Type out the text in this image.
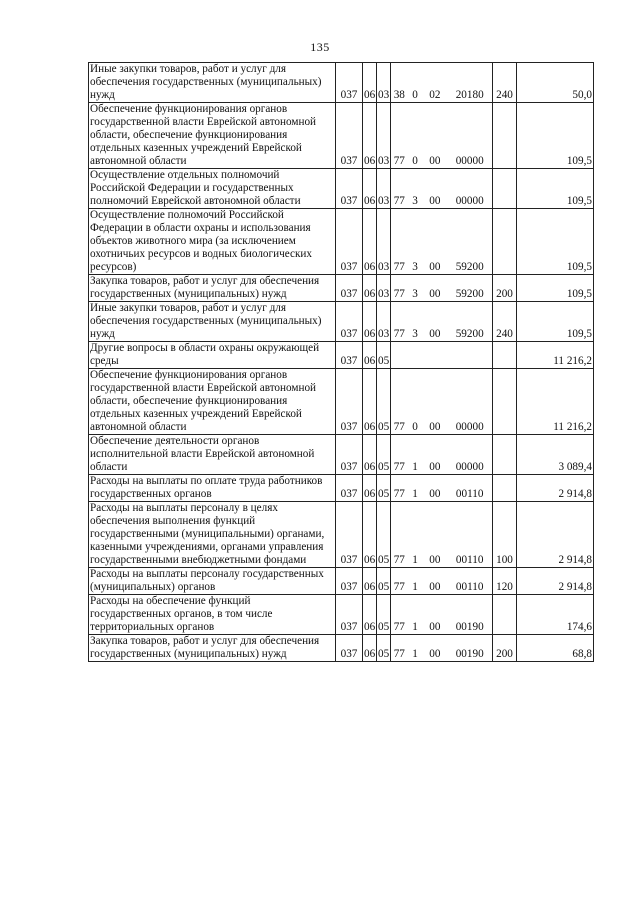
135
Иные закупки товаров, работ и услуг для обеспечения государственных (муниципальных) нужд	037	06	03	38 0 02 20180	240	50,0
Обеспечение функционирования органов государственной власти Еврейской автономной области, обеспечение функционирования отдельных казенных учреждений Еврейской автономной области	037	06	03	77 0 00 00000		109,5
Осуществление отдельных полномочий Российской Федерации и государственных полномочий Еврейской автономной области	037	06	03	77 3 00 00000		109,5
Осуществление полномочий Российской Федерации в области охраны и использования объектов животного мира (за исключением охотничьих ресурсов и водных биологических ресурсов)	037	06	03	77 3 00 59200		109,5
Закупка товаров, работ и услуг для обеспечения государственных (муниципальных) нужд	037	06	03	77 3 00 59200	200	109,5
Иные закупки товаров, работ и услуг для обеспечения государственных (муниципальных) нужд	037	06	03	77 3 00 59200	240	109,5
Другие вопросы в области охраны окружающей среды	037	06	05			11 216,2
Обеспечение функционирования органов государственной власти Еврейской автономной области, обеспечение функционирования отдельных казенных учреждений Еврейской автономной области	037	06	05	77 0 00 00000		11 216,2
Обеспечение деятельности органов исполнительной власти Еврейской автономной области	037	06	05	77 1 00 00000		3 089,4
Расходы на выплаты по оплате труда работников государственных органов	037	06	05	77 1 00 00110		2 914,8
Расходы на выплаты персоналу в целях обеспечения выполнения функций государственными (муниципальными) органами, казенными учреждениями, органами управления государственными внебюджетными фондами	037	06	05	77 1 00 00110	100	2 914,8
Расходы на выплаты персоналу государственных (муниципальных) органов	037	06	05	77 1 00 00110	120	2 914,8
Расходы на обеспечение функций государственных органов, в том числе территориальных органов	037	06	05	77 1 00 00190		174,6
Закупка товаров, работ и услуг для обеспечения государственных (муниципальных) нужд	037	06	05	77 1 00 00190	200	68,8
